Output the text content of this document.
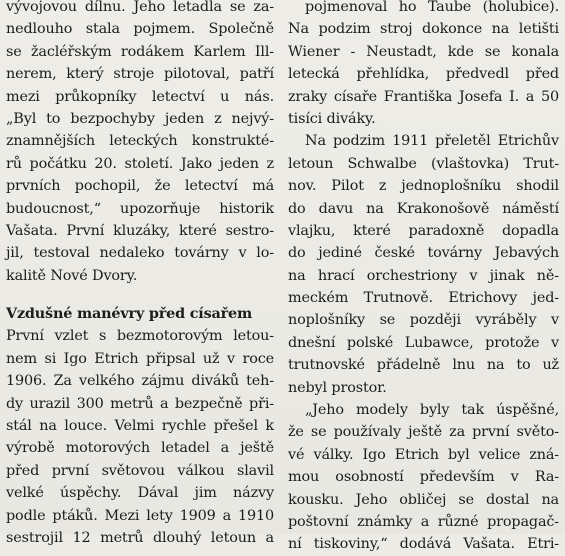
vývojovou dílnu. Jeho letadla se za-
nedlouho stala pojmem. Společně
se žacléřským rodákem Karlem Ill-
nerem, který stroje pilotoval, patří
mezi průkopníky letectví u nás.
„Byl to bezpochyby jeden z nejvý-
znamnějších leteckých konstrukté-
rů počátku 20. století. Jako jeden z
prvních pochopil, že letectví má
budoucnost,“ upozorňuje historik
Vašata. První kluzáky, které sestro-
jil, testoval nedaleko továrny v lo-
kalitě Nové Dvory.
Vzdušné manévry před císařem
První vzlet s bezmotorovým letou-
nem si Igo Etrich připsal už v roce
1906. Za velkého zájmu diváků teh-
dy urazil 300 metrů a bezpečně při-
stál na louce. Velmi rychle přešel k
výrobě motorových letadel a ještě
před první světovou válkou slavil
velké úspěchy. Dával jim názvy
podle ptáků. Mezi lety 1909 a 1910
sestrojil 12 metrů dlouhý letoun a
pojmenoval ho Taube (holubice).
Na podzim stroj dokonce na letišti
Wiener - Neustadt, kde se konala
letecká přehlídka, předvedl před
zraky císaře Františka Josefa I. a 50
tisíci diváky.
Na podzim 1911 přeletěl Etrichův
letoun Schwalbe (vlaštovka) Trut-
nov. Pilot z jednoplošníku shodil
do davu na Krakonošově náměstí
vlajku, které paradoxně dopadla
do jediné české továrny Jebavých
na hrací orchestriony v jinak ně-
meckém Trutnově. Etrichovy jed-
noplošníky se později vyráběly v
dnešní polské Lubawce, protože v
trutnovské přádelně lnu na to už
nebyl prostor.
„Jeho modely byly tak úspěšné,
že se používaly ještě za první světo-
vé války. Igo Etrich byl velice zná-
mou osobností především v Ra-
kousku. Jeho obličej se dostal na
poštovní známky a různé propagač-
ní tiskoviny,“ dodává Vašata. Etri-
